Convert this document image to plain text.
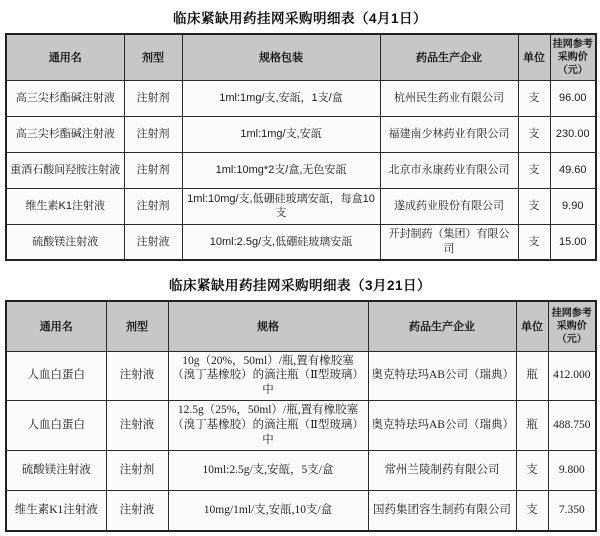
临床紧缺用药挂网采购明细表（4月1日）
通用名	剂型	规格包装	药品生产企业	单位	挂网参考采购价（元）
高三尖杉酯碱注射液	注射剂	1ml:1mg/支,安瓿，1支/盒	杭州民生药业有限公司	支	96.00
高三尖杉酯碱注射液	注射剂	1ml:1mg/支,安瓿	福建南少林药业有限公司	支	230.00
重酒石酸间羟胺注射液	注射剂	1ml:10mg*2支/盒,无色安瓿	北京市永康药业有限公司	支	49.60
维生素K1注射液	注射剂	1ml:10mg/支,低硼硅玻璃安瓿，每盒10支	遂成药业股份有限公司	支	9.90
硫酸镁注射液	注射液	10ml:2.5g/支,低硼硅玻璃安瓿	开封制药（集团）有限公司	支	15.00
临床紧缺用药挂网采购明细表（3月21日）
通用名	剂型	规格	药品生产企业	单位	挂网参考采购价（元）
人血白蛋白	注射液	10g（20%，50ml）/瓶,置有橡胶塞（溴丁基橡胶）的滴注瓶（Ⅱ型玻璃）中	奥克特珐玛AB公司（瑞典）	瓶	412.000
人血白蛋白	注射液	12.5g（25%，50ml）/瓶,置有橡胶塞（溴丁基橡胶）的滴注瓶（Ⅱ型玻璃）中	奥克特珐玛AB公司（瑞典）	瓶	488.750
硫酸镁注射液	注射剂	10ml:2.5g/支,安瓿，5支/盒	常州兰陵制药有限公司	支	9.800
维生素K1注射液	注射液	10mg/1ml/支,安瓿,10支/盒	国药集团容生制药有限公司	支	7.350
